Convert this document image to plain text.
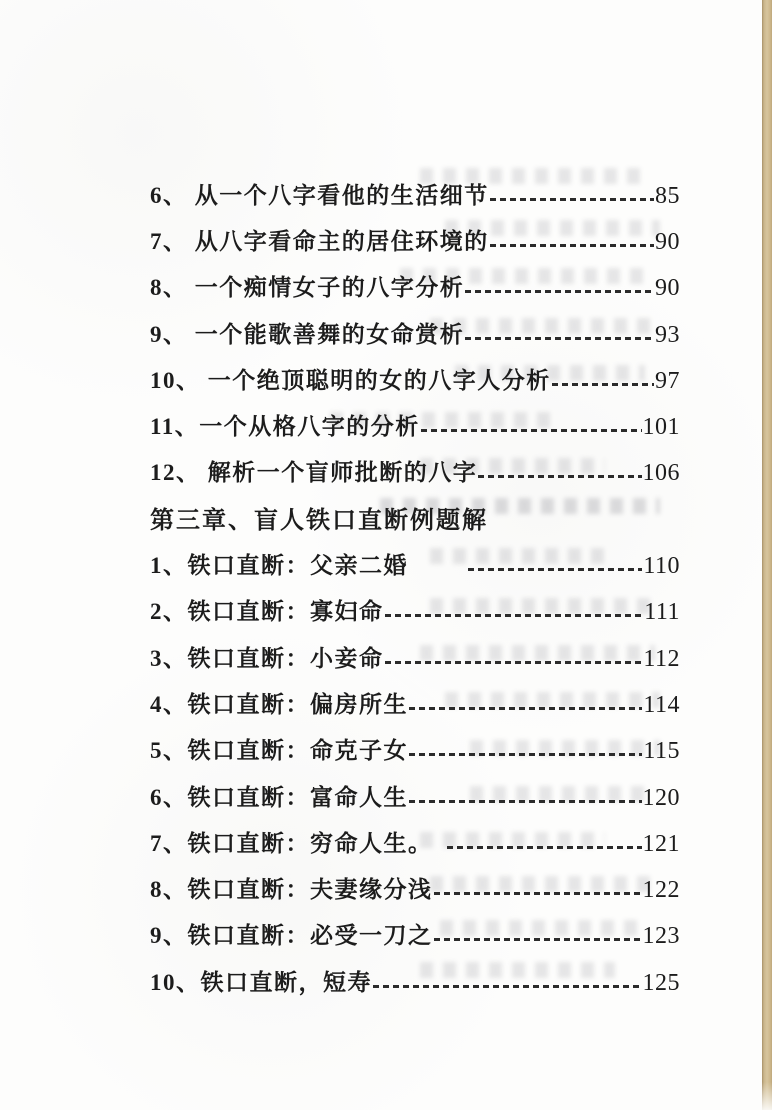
6、 从一个八字看他的生活细节	85
7、 从八字看命主的居住环境的	90
8、 一个痴情女子的八字分析	90
9、 一个能歌善舞的女命赏析	93
10、 一个绝顶聪明的女的八字人分析	97
11、一个从格八字的分析	101
12、 解析一个盲师批断的八字	106
第三章、盲人铁口直断例题解
1、铁口直断：父亲二婚	110
2、铁口直断：寡妇命	111
3、铁口直断：小妾命	112
4、铁口直断：偏房所生	114
5、铁口直断：命克子女	115
6、铁口直断：富命人生	120
7、铁口直断：穷命人生。	121
8、铁口直断：夫妻缘分浅	122
9、铁口直断：必受一刀之	123
10、铁口直断，短寿	125
